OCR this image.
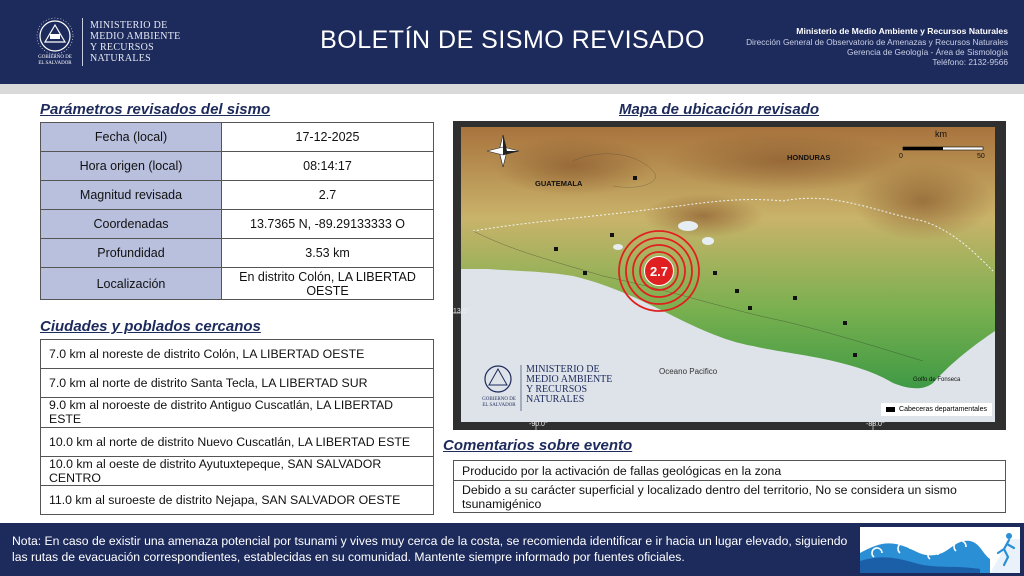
GOBIERNO DE
EL SALVADOR
MINISTERIO DE
MEDIO AMBIENTE
Y RECURSOS
NATURALES
BOLETÍN DE SISMO REVISADO	Ministerio de Medio Ambiente y Recursos Naturales
Dirección General de Observatorio de Amenazas y Recursos Naturales
Gerencia de Geología - Área de Sismología
Teléfono: 2132-9566
Parámetros revisados del sismo
Fecha (local)	17-12-2025
Hora origen (local)	08:14:17
Magnitud revisada	2.7
Coordenadas	13.7365 N, -89.29133333 O
Profundidad	3.53 km
Localización	En distrito Colón, LA LIBERTAD OESTE
Ciudades y poblados cercanos
7.0 km al noreste de distrito Colón, LA LIBERTAD OESTE
7.0 km al norte de distrito Santa Tecla, LA LIBERTAD SUR
9.0 km al noroeste de distrito Antiguo Cuscatlán, LA LIBERTAD ESTE
10.0 km al norte de distrito Nuevo Cuscatlán, LA LIBERTAD ESTE
10.0 km al oeste de distrito Ayutuxtepeque, SAN SALVADOR CENTRO
11.0 km al suroeste de distrito Nejapa, SAN SALVADOR OESTE
Mapa de ubicación revisado
2.7
GUATEMALA
HONDURAS
Oceano Pacifico
Golfo de Fonseca
km
0	50
13.5°
-90.0°	-88.0°
MINISTERIO DE
MEDIO AMBIENTE
Y RECURSOS
NATURALES
GOBIERNO DE
EL SALVADOR
Cabeceras departamentales
Comentarios sobre evento
Producido por la activación de fallas geológicas en la zona
Debido a su carácter superficial y localizado dentro del territorio, No se considera un sismo tsunamigénico
Nota: En caso de existir una amenaza potencial por tsunami y vives muy cerca de la costa, se recomienda identificar e ir hacia un lugar elevado, siguiendo las rutas de evacuación correspondientes, establecidas en su comunidad. Mantente siempre informado por fuentes oficiales.
